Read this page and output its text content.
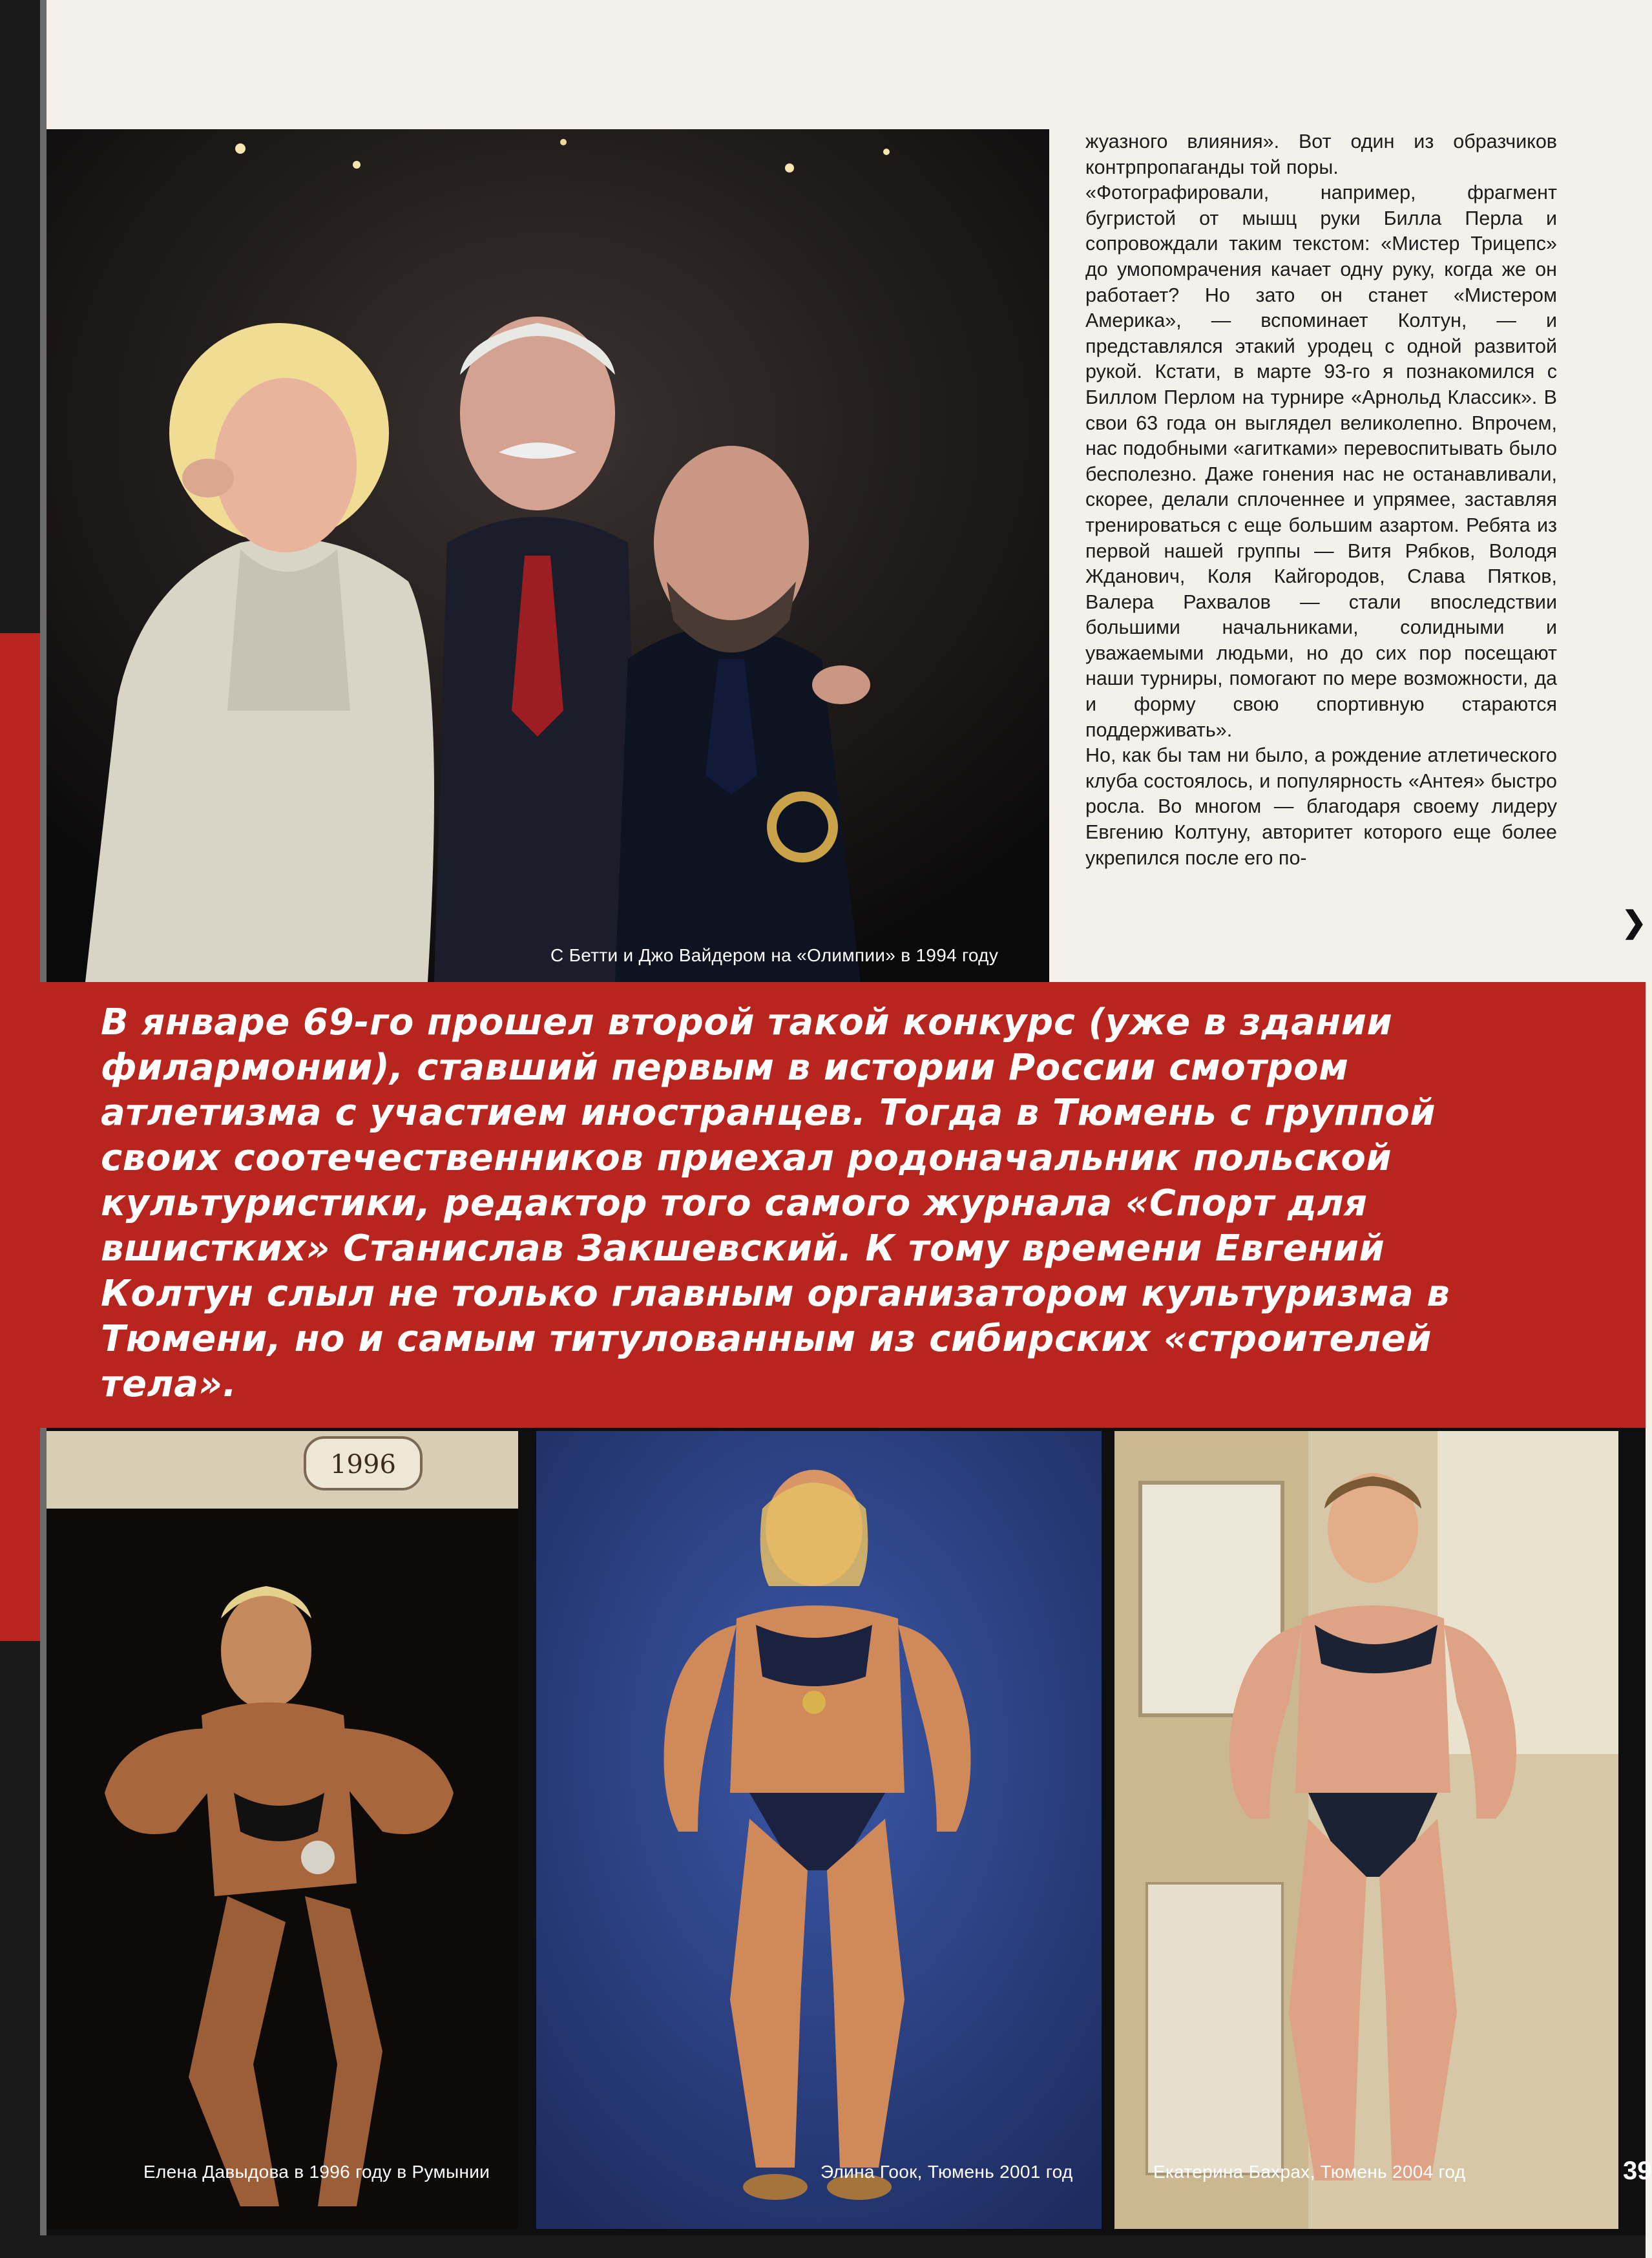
С Бетти и Джо Вайдером на «Олимпии» в 1994 году

жуазного влияния». Вот один из образчиков контрпропаганды той поры.

«Фотографировали, например, фрагмент бугристой от мышц руки Билла Перла и сопровождали таким текстом: «Мистер Трицепс» до умопомрачения качает одну руку, когда же он работает? Но зато он станет «Мистером Америка», — вспоминает Колтун, — и представлялся этакий уродец с одной развитой рукой. Кстати, в марте 93-го я познакомился с Биллом Перлом на турнире «Арнольд Классик». В свои 63 года он выглядел великолепно. Впрочем, нас подобными «агитками» перевоспитывать было бесполезно. Даже гонения нас не останавливали, скорее, делали сплоченнее и упрямее, заставляя тренироваться с еще большим азартом. Ребята из первой нашей группы — Витя Рябков, Володя Жданович, Коля Кайгородов, Слава Пятков, Валера Рахвалов — стали впоследствии большими начальниками, солидными и уважаемыми людьми, но до сих пор посещают наши турниры, помогают по мере возможности, да и форму свою спортивную стараются поддерживать».

Но, как бы там ни было, а рождение атлетического клуба состоялось, и популярность «Антея» быстро росла. Во многом — благодаря своему лидеру Евгению Колтуну, авторитет которого еще более укрепился после его по-

❯
В январе 69-го прошел второй такой конкурс (уже в здании филармонии), ставший первым в истории России смотром атлетизма с участием иностранцев. Тогда в Тюмень с группой своих соотечественников приехал родоначальник польской культуристики, редактор того самого журнала «Спорт для вшистких» Станислав Закшевский. К тому времени Евгений Колтун слыл не только главным организатором культуризма в Тюмени, но и самым титулованным из сибирских «строителей тела».
1996
Елена Давыдова в 1996 году в Румынии	Элина Гоок, Тюмень 2001 год	Екатерина Бахрах, Тюмень 2004 год	39
